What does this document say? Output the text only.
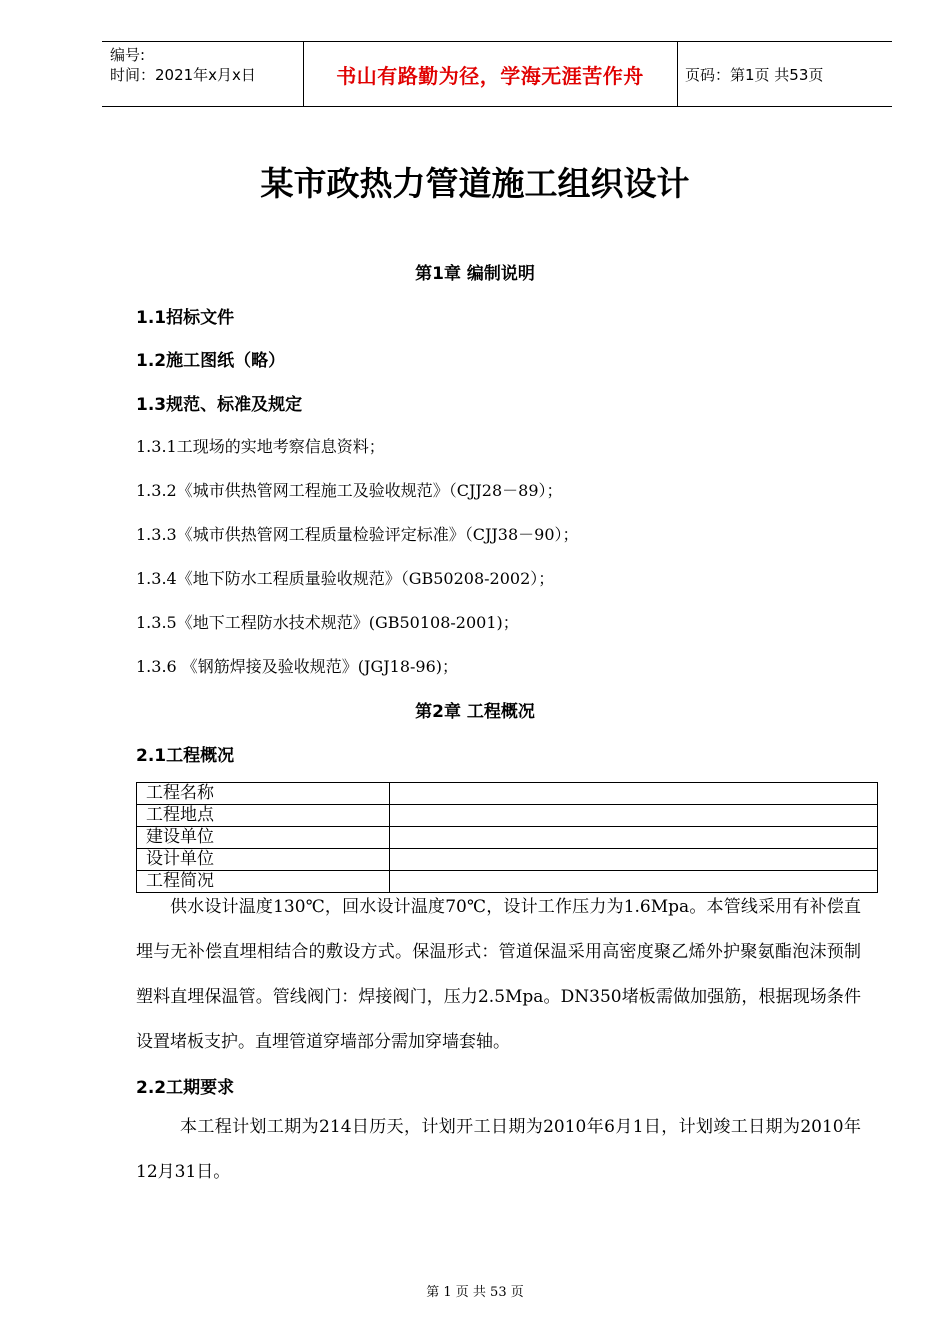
编号:
时间：2021年x月x日	书山有路勤为径，学海无涯苦作舟	页码：第1页 共53页
某市政热力管道施工组织设计
第1章 编制说明
1.1招标文件
1.2施工图纸（略）
1.3规范、标准及规定
1.3.1工现场的实地考察信息资料；
1.3.2《城市供热管网工程施工及验收规范》（CJJ28－89）；
1.3.3《城市供热管网工程质量检验评定标准》（CJJ38－90）；
1.3.4《地下防水工程质量验收规范》（GB50208-2002）；
1.3.5《地下工程防水技术规范》(GB50108-2001)；
1.3.6 《钢筋焊接及验收规范》(JGJ18-96)；
第2章 工程概况
2.1工程概况
工程名称	
工程地点	
建设单位	
设计单位	
工程简况	
供水设计温度130℃，回水设计温度70℃，设计工作压力为1.6Mpa。本管线采用有补偿直埋与无补偿直埋相结合的敷设方式。保温形式：管道保温采用高密度聚乙烯外护聚氨酯泡沫预制塑料直埋保温管。管线阀门：焊接阀门，压力2.5Mpa。DN350堵板需做加强筋，根据现场条件设置堵板支护。直埋管道穿墙部分需加穿墙套轴。
2.2工期要求
本工程计划工期为214日历天，计划开工日期为2010年6月1日，计划竣工日期为2010年12月31日。
第 1 页 共 53 页
